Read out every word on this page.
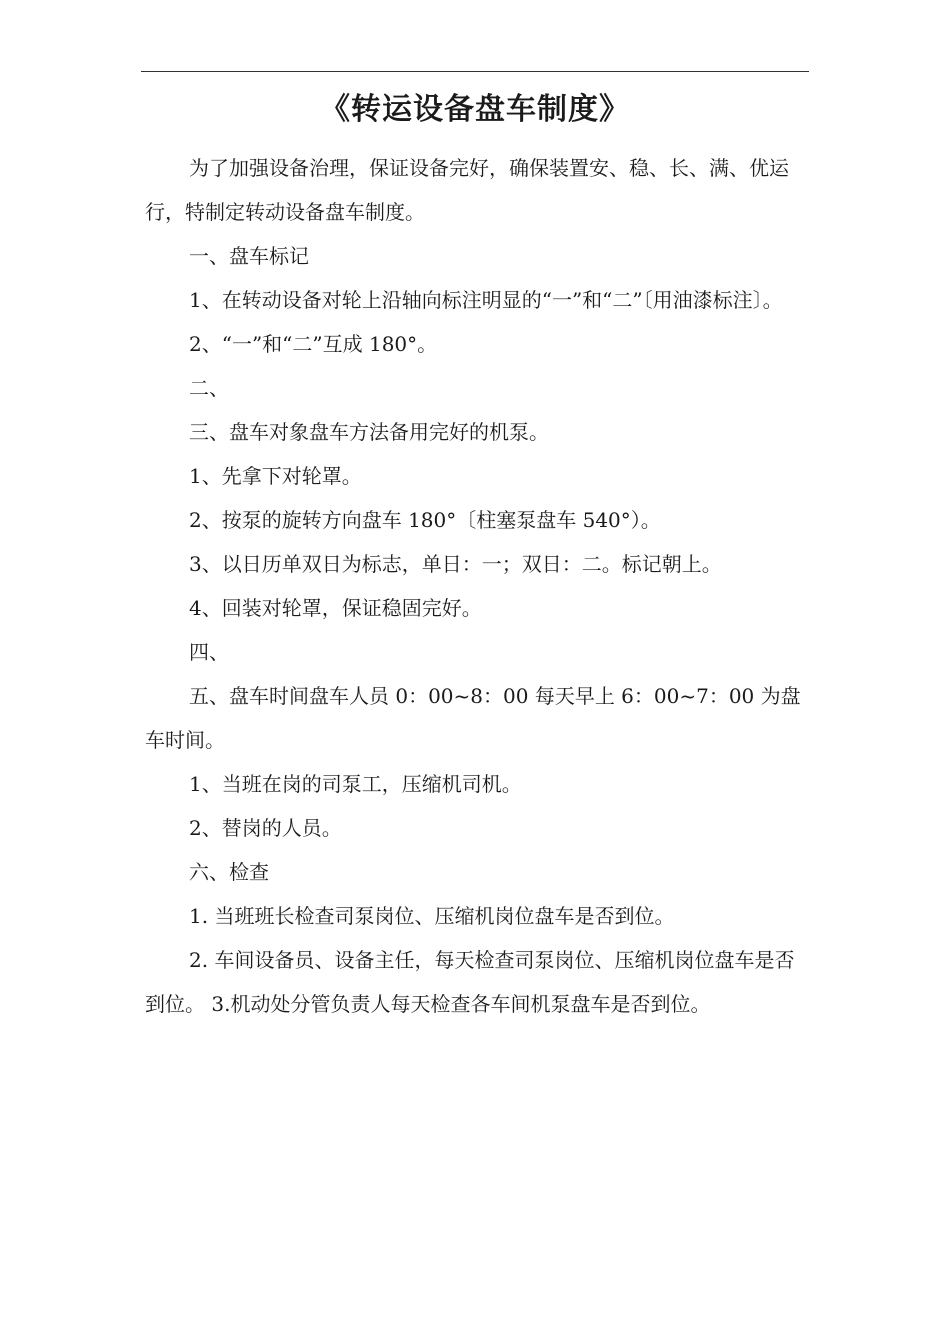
《转运设备盘车制度》

为了加强设备治理，保证设备完好，确保装置安、稳、长、满、优运行，特制定转动设备盘车制度。

一、盘车标记

1、在转动设备对轮上沿轴向标注明显的“一”和“二”〔用油漆标注〕。

2、“一”和“二”互成 180°。

二、

三、盘车对象盘车方法备用完好的机泵。

1、先拿下对轮罩。

2、按泵的旋转方向盘车 180°〔柱塞泵盘车 540°）。

3、以日历单双日为标志，单日：一；双日：二。标记朝上。

4、回装对轮罩，保证稳固完好。

四、

五、盘车时间盘车人员 0：00~8：00 每天早上 6：00~7：00 为盘车时间。

1、当班在岗的司泵工，压缩机司机。

2、替岗的人员。

六、检查

1. 当班班长检查司泵岗位、压缩机岗位盘车是否到位。

2. 车间设备员、设备主任，每天检查司泵岗位、压缩机岗位盘车是否到位。 3.机动处分管负责人每天检查各车间机泵盘车是否到位。
